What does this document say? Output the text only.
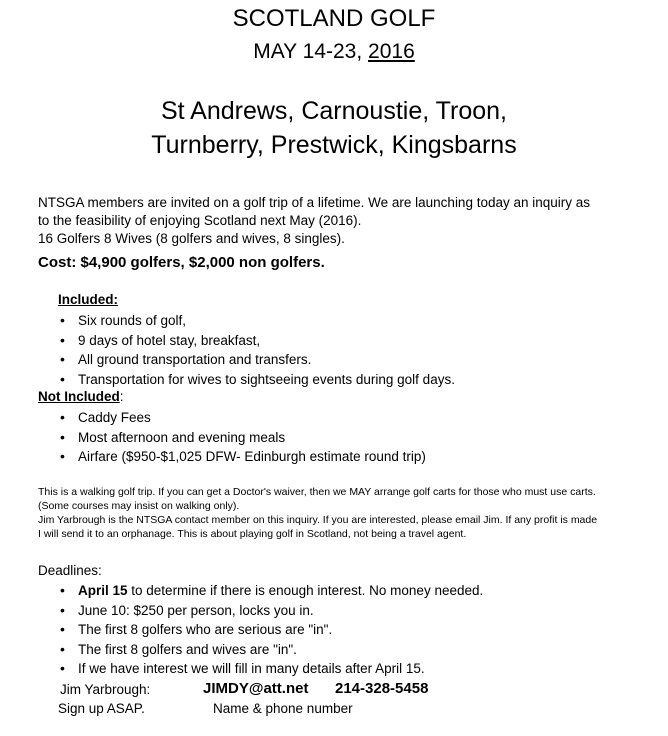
SCOTLAND GOLF
MAY 14-23, 2016
St Andrews, Carnoustie, Troon,
Turnberry, Prestwick, Kingsbarns
NTSGA members are invited on a golf trip of a lifetime. We are launching today an inquiry as
to the feasibility of enjoying Scotland next May (2016).
16 Golfers 8 Wives (8 golfers and wives, 8 singles).
Cost: $4,900 golfers, $2,000 non golfers.
Included:
• Six rounds of golf,
• 9 days of hotel stay, breakfast,
• All ground transportation and transfers.
• Transportation for wives to sightseeing events during golf days.
Not Included:
• Caddy Fees
• Most afternoon and evening meals
• Airfare ($950-$1,025 DFW- Edinburgh estimate round trip)
This is a walking golf trip. If you can get a Doctor's waiver, then we MAY arrange golf carts for those who must use carts.
(Some courses may insist on walking only).
Jim Yarbrough is the NTSGA contact member on this inquiry. If you are interested, please email Jim. If any profit is made
I will send it to an orphanage. This is about playing golf in Scotland, not being a travel agent.
Deadlines:
• April 15 to determine if there is enough interest. No money needed.
• June 10: $250 per person, locks you in.
• The first 8 golfers who are serious are "in".
• The first 8 golfers and wives are "in".
• If we have interest we will fill in many details after April 15.
Jim Yarbrough:	JIMDY@att.net 214-328-5458
Sign up ASAP.	Name & phone number
